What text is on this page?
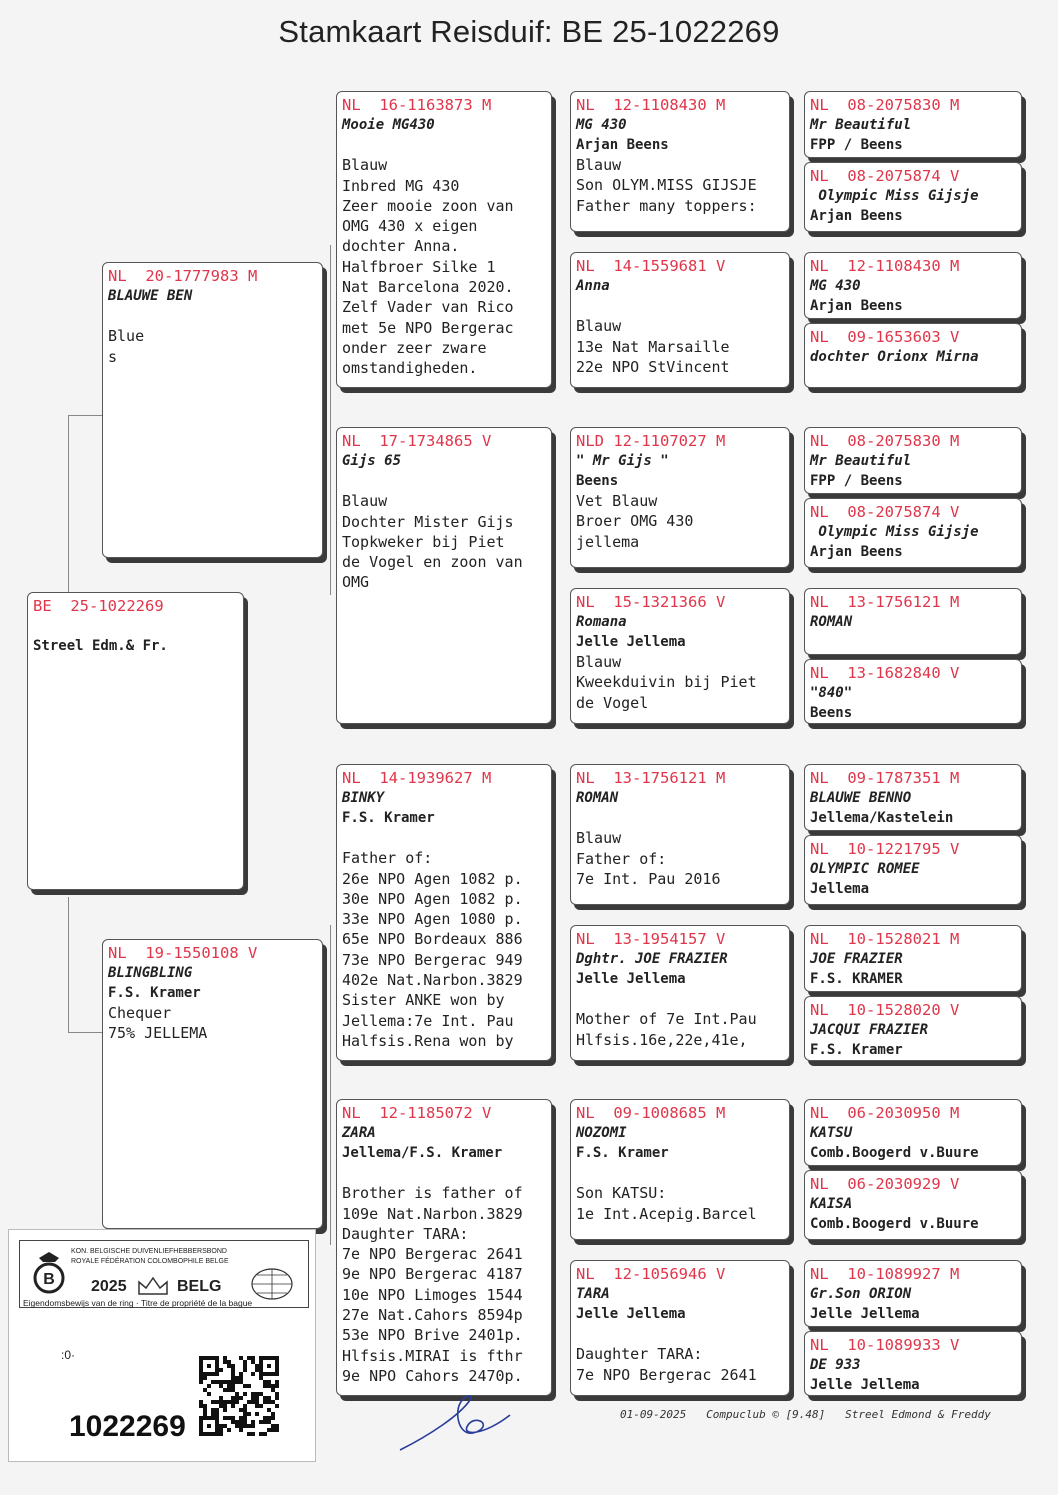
Stamkaart Reisduif: BE 25-1022269
BE  25-1022269

Streel Edm.& Fr.
NL  20-1777983 M
BLAUWE BEN

Blue
s
NL  19-1550108 V
BLINGBLING
F.S. Kramer
Chequer
75% JELLEMA
NL  16-1163873 M
Mooie MG430

Blauw
Inbred MG 430
Zeer mooie zoon van
OMG 430 x eigen
dochter Anna.
Halfbroer Silke 1
Nat Barcelona 2020.
Zelf Vader van Rico
met 5e NPO Bergerac
onder zeer zware
omstandigheden.
NL  17-1734865 V
Gijs 65

Blauw
Dochter Mister Gijs
Topkweker bij Piet
de Vogel en zoon van
OMG
NL  14-1939627 M
BINKY
F.S. Kramer

Father of:
26e NPO Agen 1082 p.
30e NPO Agen 1082 p.
33e NPO Agen 1080 p.
65e NPO Bordeaux 886
73e NPO Bergerac 949
402e Nat.Narbon.3829
Sister ANKE won by
Jellema:7e Int. Pau
Halfsis.Rena won by
NL  12-1185072 V
ZARA
Jellema/F.S. Kramer

Brother is father of
109e Nat.Narbon.3829
Daughter TARA:
7e NPO Bergerac 2641
9e NPO Bergerac 4187
10e NPO Limoges 1544
27e Nat.Cahors 8594p
53e NPO Brive 2401p.
Hlfsis.MIRAI is fthr
9e NPO Cahors 2470p.
NL  12-1108430 M
MG 430
Arjan Beens
Blauw
Son OLYM.MISS GIJSJE
Father many toppers:
NL  14-1559681 V
Anna

Blauw
13e Nat Marsaille
22e NPO StVincent
NLD 12-1107027 M
" Mr Gijs "
Beens
Vet Blauw
Broer OMG 430
jellema
NL  15-1321366 V
Romana
Jelle Jellema
Blauw
Kweekduivin bij Piet
de Vogel
NL  13-1756121 M
ROMAN

Blauw
Father of:
7e Int. Pau 2016
NL  13-1954157 V
Dghtr. JOE FRAZIER
Jelle Jellema

Mother of 7e Int.Pau
Hlfsis.16e,22e,41e,
NL  09-1008685 M
NOZOMI
F.S. Kramer

Son KATSU:
1e Int.Acepig.Barcel
NL  12-1056946 V
TARA
Jelle Jellema

Daughter TARA:
7e NPO Bergerac 2641
NL  08-2075830 M
Mr Beautiful
FPP / Beens
NL  08-2075874 V
Olympic Miss Gijsje
Arjan Beens
NL  12-1108430 M
MG 430
Arjan Beens
NL  09-1653603 V
dochter Orionx Mirna
NL  08-2075830 M
Mr Beautiful
FPP / Beens
NL  08-2075874 V
Olympic Miss Gijsje
Arjan Beens
NL  13-1756121 M
ROMAN
NL  13-1682840 V
"840"
Beens
NL  09-1787351 M
BLAUWE BENNO
Jellema/Kastelein
NL  10-1221795 V
OLYMPIC ROMEE
Jellema
NL  10-1528021 M
JOE FRAZIER
F.S. KRAMER
NL  10-1528020 V
JACQUI FRAZIER
F.S. Kramer
NL  06-2030950 M
KATSU
Comb.Boogerd v.Buure
NL  06-2030929 V
KAISA
Comb.Boogerd v.Buure
NL  10-1089927 M
Gr.Son ORION
Jelle Jellema
NL  10-1089933 V
DE 933
Jelle Jellema
01-09-2025   Compuclub © [9.48]   Streel Edmond & Freddy
B
KON. BELGISCHE DUIVENLIEFHEBBERSBOND
ROYALE FÉDÉRATION COLOMBOPHILE BELGE
2025	BELG
Eigendomsbewijs van de ring · Titre de propriété de la bague
:0·
1022269
